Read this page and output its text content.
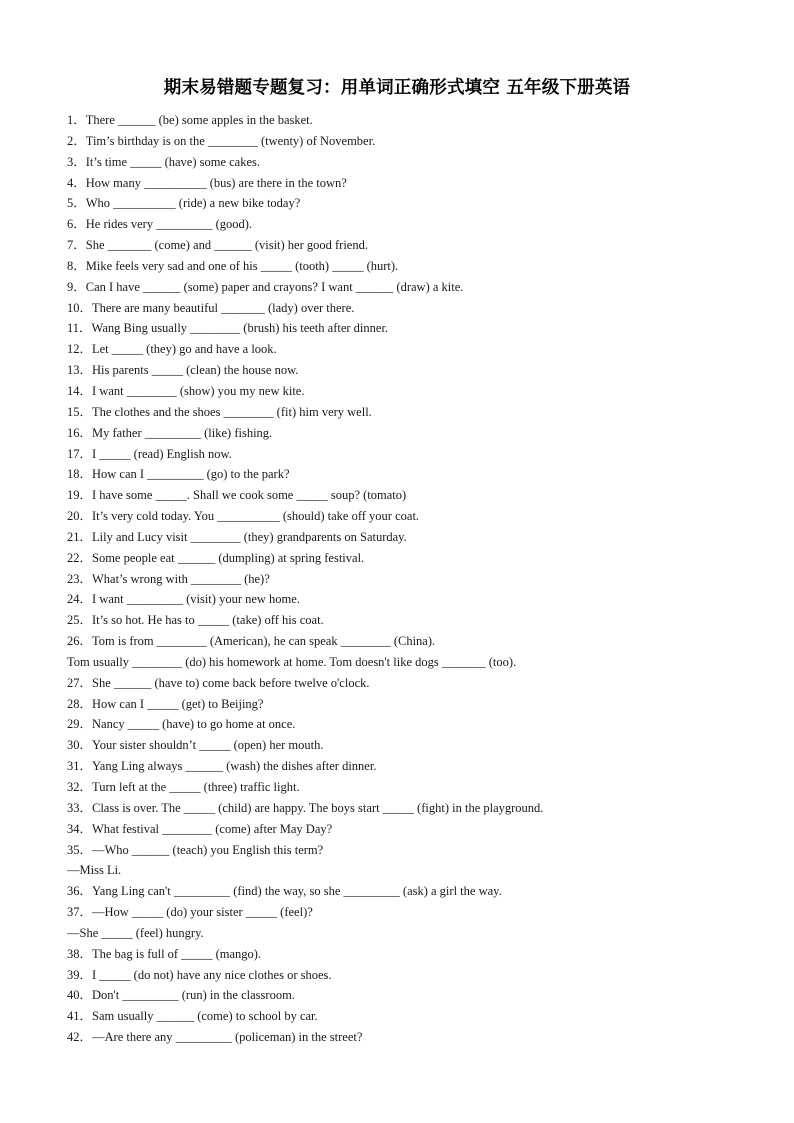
期末易错题专题复习：用单词正确形式填空 五年级下册英语
1．There ______ (be) some apples in the basket.
2．Tim’s birthday is on the ________ (twenty) of November.
3．It’s time _____ (have) some cakes.
4．How many __________ (bus) are there in the town?
5．Who __________ (ride) a new bike today?
6．He rides very _________ (good).
7．She _______ (come) and ______ (visit) her good friend.
8．Mike feels very sad and one of his _____ (tooth) _____ (hurt).
9．Can I have ______ (some) paper and crayons? I want ______ (draw) a kite.
10．There are many beautiful _______ (lady) over there.
11．Wang Bing usually ________ (brush) his teeth after dinner.
12．Let _____ (they) go and have a look.
13．His parents _____ (clean) the house now.
14．I want ________ (show) you my new kite.
15．The clothes and the shoes ________ (fit) him very well.
16．My father _________ (like) fishing.
17．I _____ (read) English now.
18．How can I _________ (go) to the park?
19．I have some _____. Shall we cook some _____ soup? (tomato)
20．It’s very cold today. You __________ (should) take off your coat.
21．Lily and Lucy visit ________ (they) grandparents on Saturday.
22．Some people eat ______ (dumpling) at spring festival.
23．What’s wrong with ________ (he)?
24．I want _________ (visit) your new home.
25．It’s so hot. He has to _____ (take) off his coat.
26．Tom is from ________ (American), he can speak ________ (China).
Tom usually ________ (do) his homework at home. Tom doesn't like dogs _______ (too).
27．She ______ (have to) come back before twelve o'clock.
28．How can I _____ (get) to Beijing?
29．Nancy _____ (have) to go home at once.
30．Your sister shouldn’t _____ (open) her mouth.
31．Yang Ling always ______ (wash) the dishes after dinner.
32．Turn left at the _____ (three) traffic light.
33．Class is over. The _____ (child) are happy. The boys start _____ (fight) in the playground.
34．What festival ________ (come) after May Day?
35．—Who ______ (teach) you English this term?
—Miss Li.
36．Yang Ling can't _________ (find) the way, so she _________ (ask) a girl the way.
37．—How _____ (do) your sister _____ (feel)?
—She _____ (feel) hungry.
38．The bag is full of _____ (mango).
39．I _____ (do not) have any nice clothes or shoes.
40．Don't _________ (run) in the classroom.
41．Sam usually ______ (come) to school by car.
42．—Are there any _________ (policeman) in the street?
